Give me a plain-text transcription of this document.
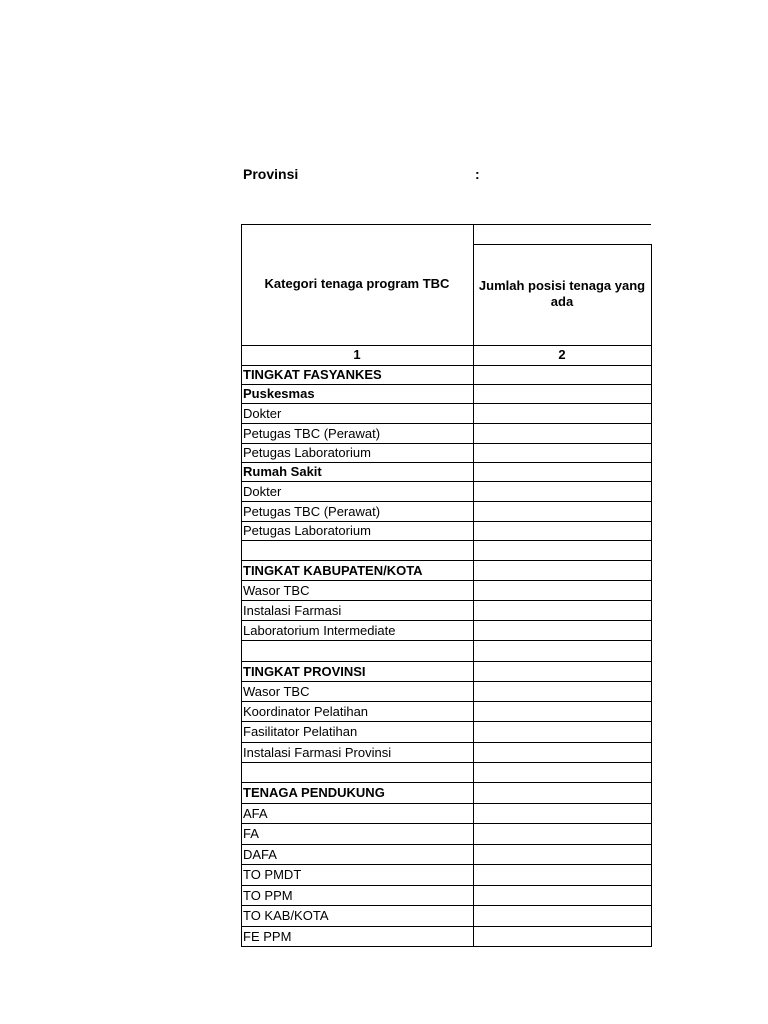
Provinsi	:
Kategori tenaga program TBC	Jumlah posisi tenaga yang ada
1	2
TINGKAT FASYANKES
Puskesmas
Dokter
Petugas TBC (Perawat)
Petugas Laboratorium
Rumah Sakit
Dokter
Petugas TBC (Perawat)
Petugas Laboratorium
TINGKAT KABUPATEN/KOTA
Wasor TBC
Instalasi Farmasi
Laboratorium Intermediate
TINGKAT PROVINSI
Wasor TBC
Koordinator Pelatihan
Fasilitator Pelatihan
Instalasi Farmasi Provinsi
TENAGA PENDUKUNG
AFA
FA
DAFA
TO PMDT
TO PPM
TO KAB/KOTA
FE PPM
